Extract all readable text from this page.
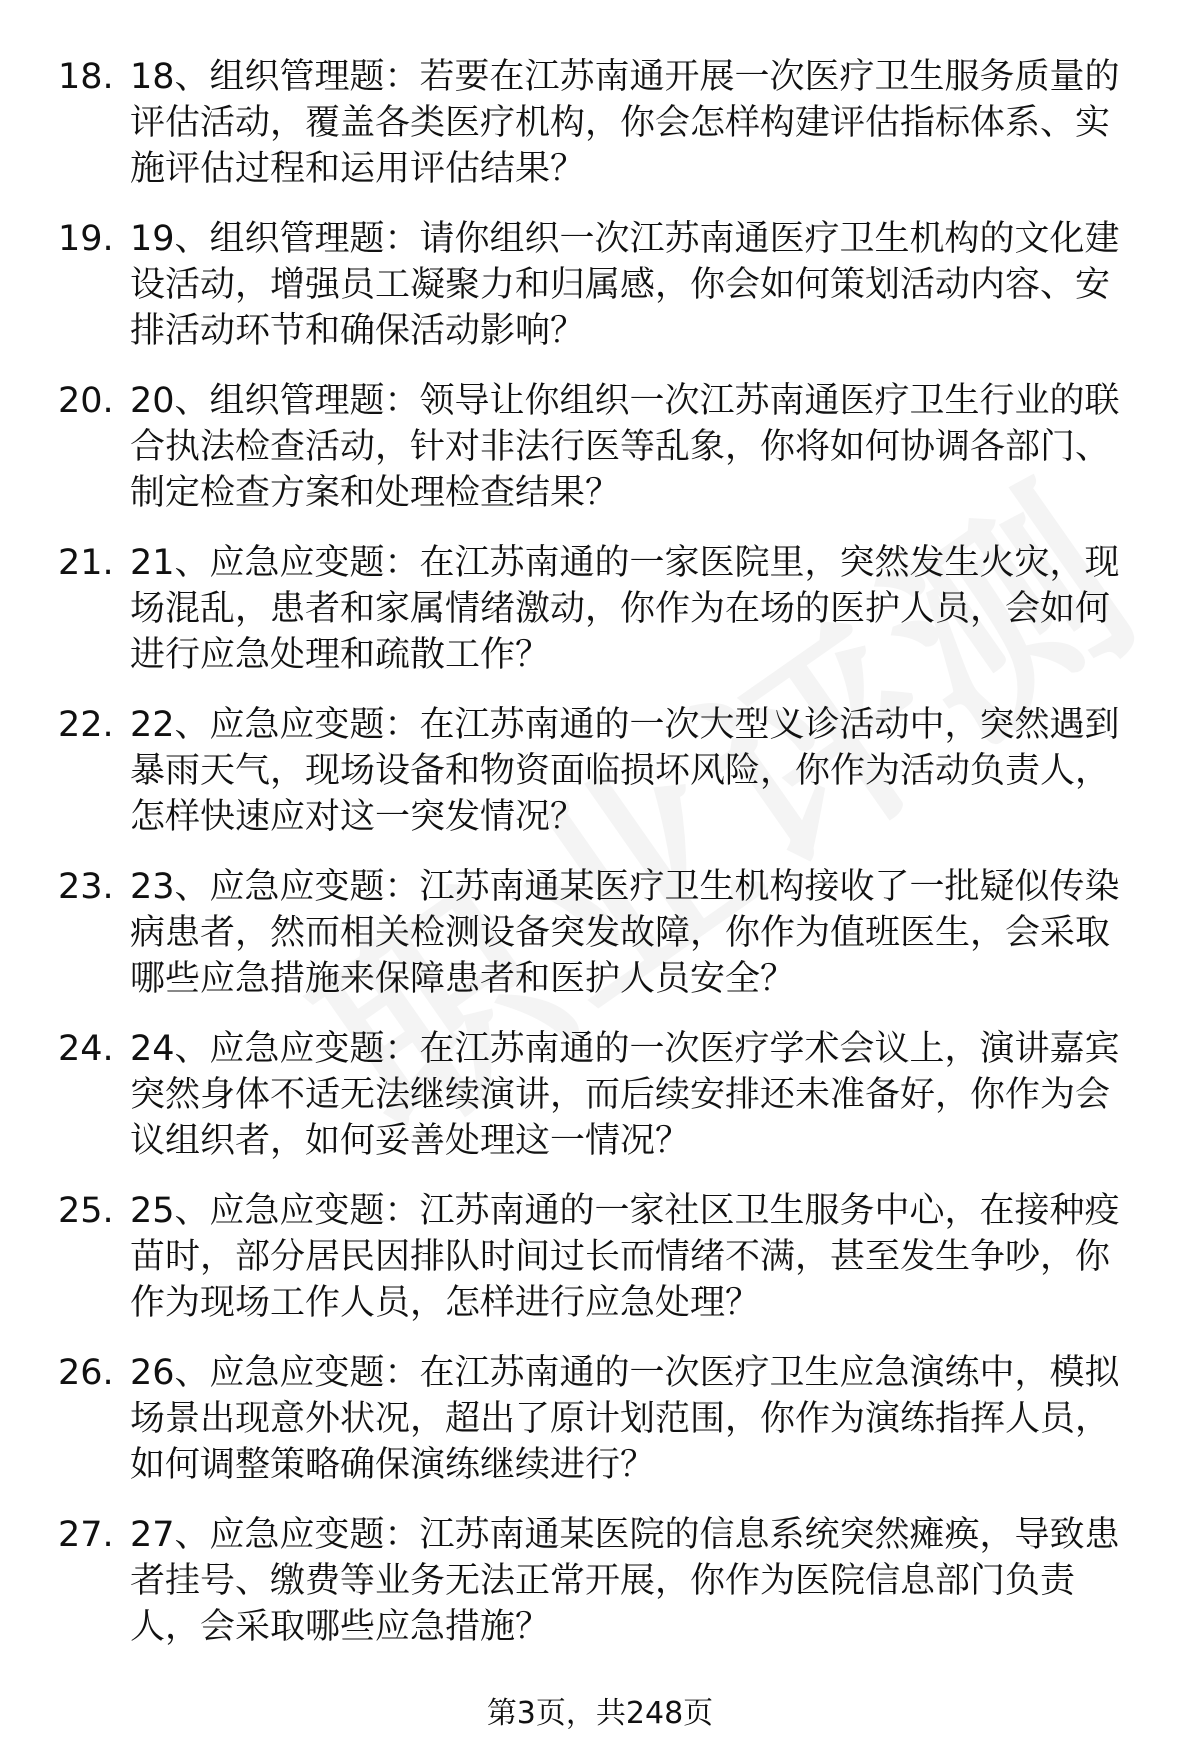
18. 18、组织管理题：若要在江苏南通开展一次医疗卫生服务质量的评估活动，覆盖各类医疗机构，你会怎样构建评估指标体系、实施评估过程和运用评估结果？
19. 19、组织管理题：请你组织一次江苏南通医疗卫生机构的文化建设活动，增强员工凝聚力和归属感，你会如何策划活动内容、安排活动环节和确保活动影响？
20. 20、组织管理题：领导让你组织一次江苏南通医疗卫生行业的联合执法检查活动，针对非法行医等乱象，你将如何协调各部门、制定检查方案和处理检查结果？
21. 21、应急应变题：在江苏南通的一家医院里，突然发生火灾，现场混乱，患者和家属情绪激动，你作为在场的医护人员，会如何进行应急处理和疏散工作？
22. 22、应急应变题：在江苏南通的一次大型义诊活动中，突然遇到暴雨天气，现场设备和物资面临损坏风险，你作为活动负责人，怎样快速应对这一突发情况？
23. 23、应急应变题：江苏南通某医疗卫生机构接收了一批疑似传染病患者，然而相关检测设备突发故障，你作为值班医生，会采取哪些应急措施来保障患者和医护人员安全？
24. 24、应急应变题：在江苏南通的一次医疗学术会议上，演讲嘉宾突然身体不适无法继续演讲，而后续安排还未准备好，你作为会议组织者，如何妥善处理这一情况？
25. 25、应急应变题：江苏南通的一家社区卫生服务中心，在接种疫苗时，部分居民因排队时间过长而情绪不满，甚至发生争吵，你作为现场工作人员，怎样进行应急处理？
26. 26、应急应变题：在江苏南通的一次医疗卫生应急演练中，模拟场景出现意外状况，超出了原计划范围，你作为演练指挥人员，如何调整策略确保演练继续进行？
27. 27、应急应变题：江苏南通某医院的信息系统突然瘫痪，导致患者挂号、缴费等业务无法正常开展，你作为医院信息部门负责人，会采取哪些应急措施？
第3页，共248页
